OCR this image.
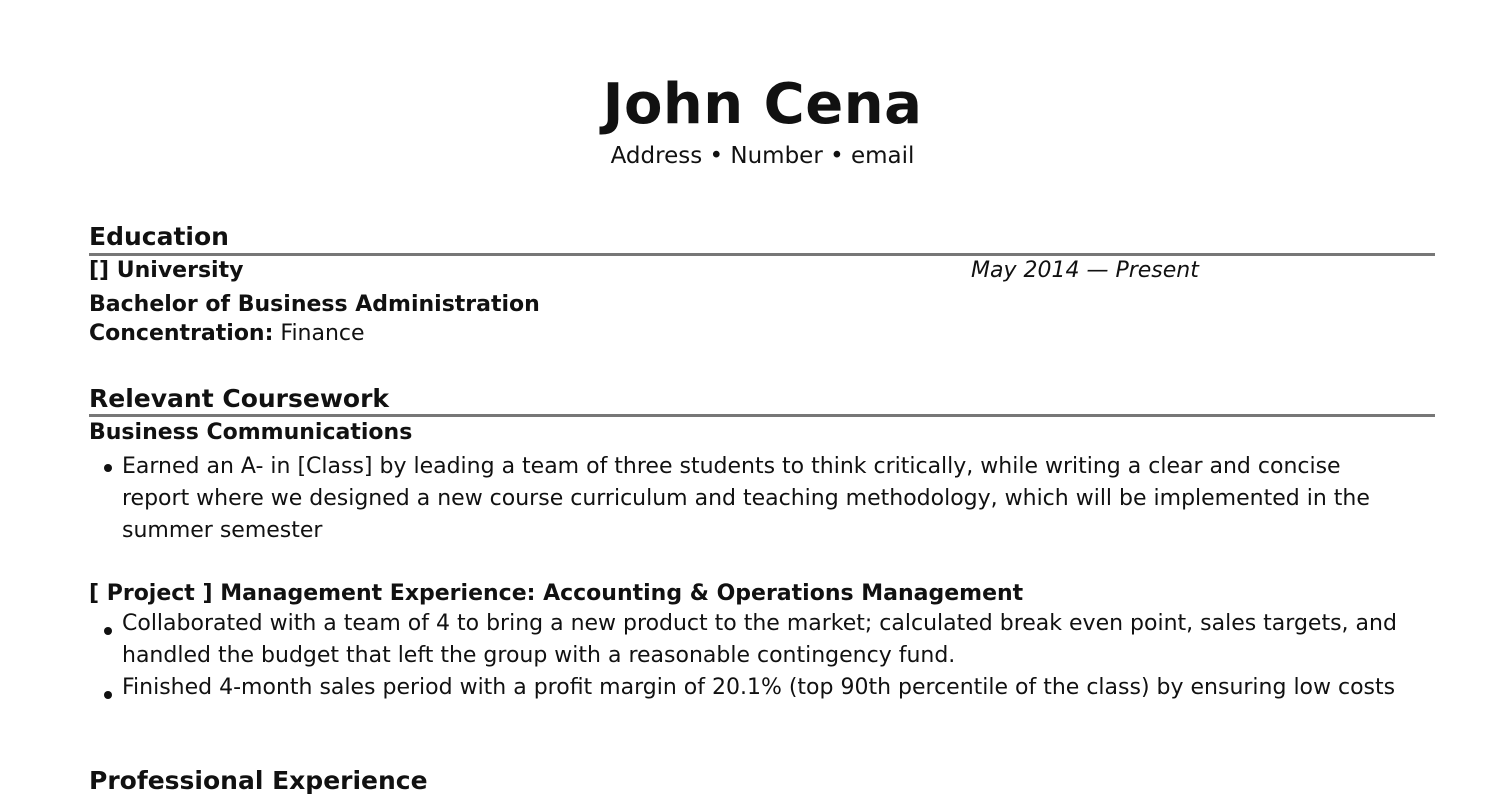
John Cena
Address • Number • email
Education
[] University	May 2014 — Present
Bachelor of Business Administration
Concentration: Finance
Relevant Coursework
Business Communications
Earned an A- in [Class] by leading a team of three students to think critically, while writing a clear and concise report where we designed a new course curriculum and teaching methodology, which will be implemented in the summer semester
[ Project ] Management Experience: Accounting & Operations Management
Collaborated with a team of 4 to bring a new product to the market; calculated break even point, sales targets, and handled the budget that left the group with a reasonable contingency fund.
Finished 4-month sales period with a profit margin of 20.1% (top 90th percentile of the class) by ensuring low costs
Professional Experience
